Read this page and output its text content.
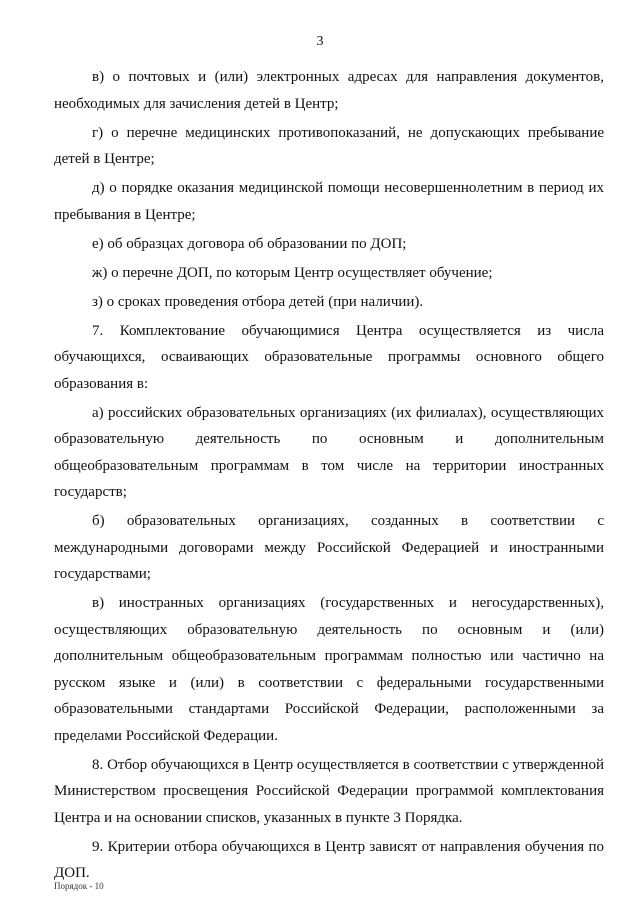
3

в) о почтовых и (или) электронных адресах для направления документов, необходимых для зачисления детей в Центр;

г) о перечне медицинских противопоказаний, не допускающих пребывание детей в Центре;

д) о порядке оказания медицинской помощи несовершеннолетним в период их пребывания в Центре;

е) об образцах договора об образовании по ДОП;

ж) о перечне ДОП, по которым Центр осуществляет обучение;

з) о сроках проведения отбора детей (при наличии).

7. Комплектование обучающимися Центра осуществляется из числа обучающихся, осваивающих образовательные программы основного общего образования в:

а) российских образовательных организациях (их филиалах), осуществляющих образовательную деятельность по основным и дополнительным общеобразовательным программам в том числе на территории иностранных государств;

б) образовательных организациях, созданных в соответствии с международными договорами между Российской Федерацией и иностранными государствами;

в) иностранных организациях (государственных и негосударственных), осуществляющих образовательную деятельность по основным и (или) дополнительным общеобразовательным программам полностью или частично на русском языке и (или) в соответствии с федеральными государственными образовательными стандартами Российской Федерации, расположенными за пределами Российской Федерации.

8. Отбор обучающихся в Центр осуществляется в соответствии с утвержденной Министерством просвещения Российской Федерации программой комплектования Центра и на основании списков, указанных в пункте 3 Порядка.

9. Критерии отбора обучающихся в Центр зависят от направления обучения по ДОП.

Порядок - 10
